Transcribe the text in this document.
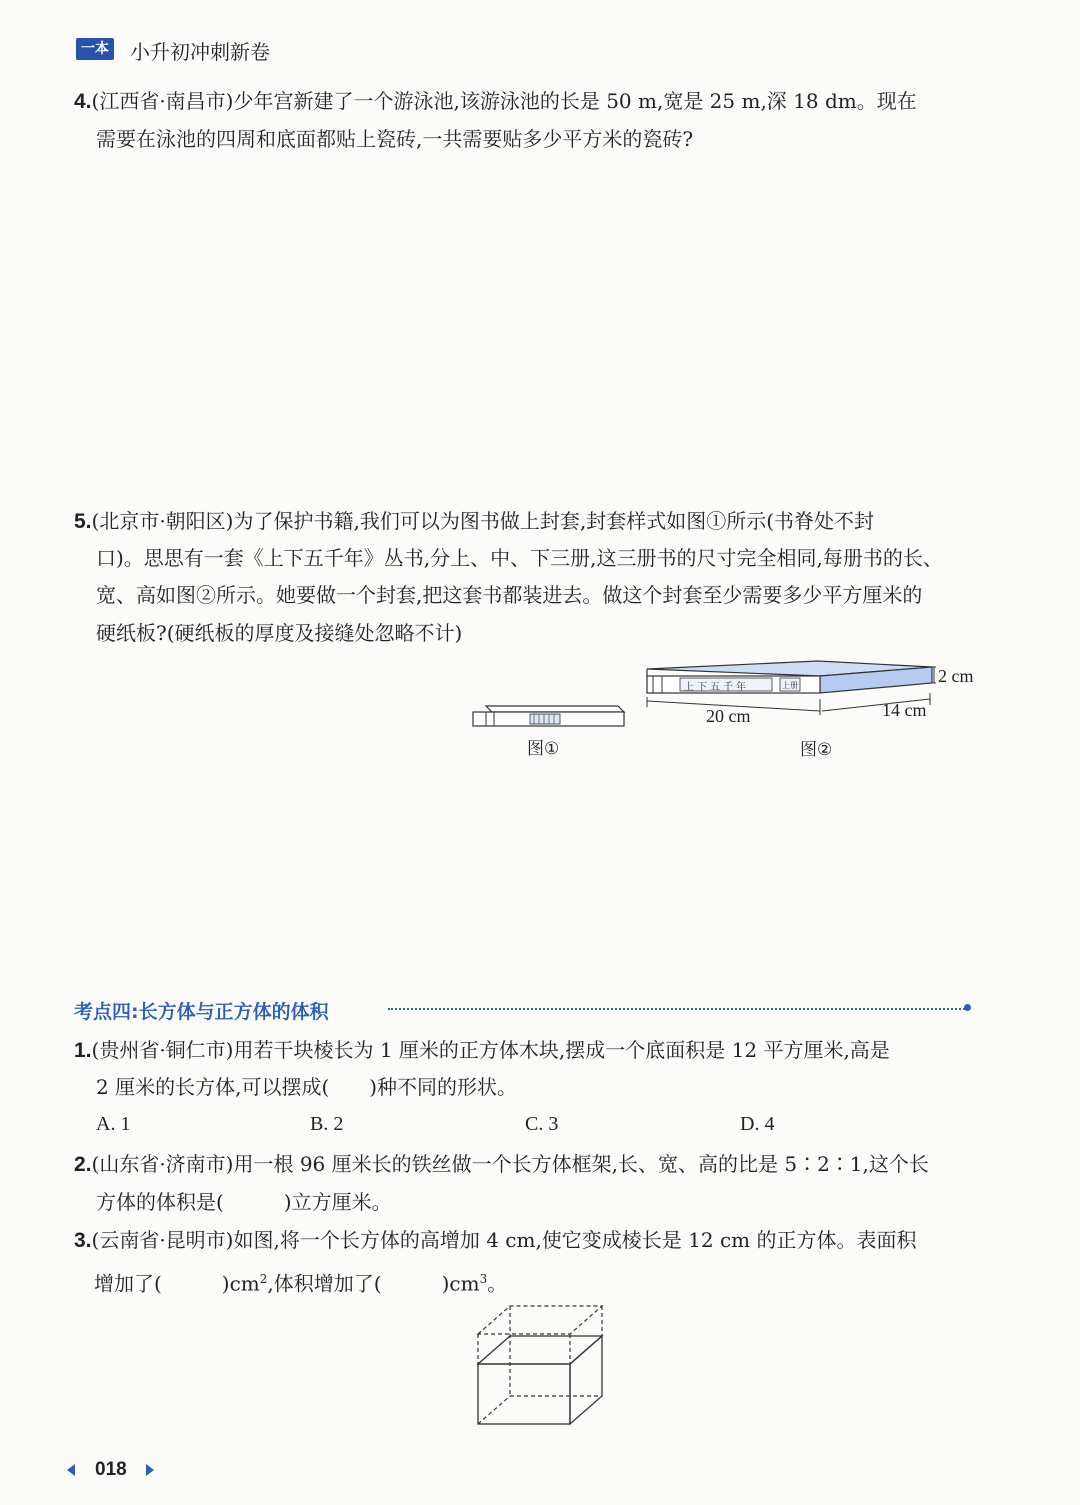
一本 小升初冲刺新卷
4.(江西省·南昌市)少年宫新建了一个游泳池,该游泳池的长是 50 m,宽是 25 m,深 18 dm。现在
需要在泳池的四周和底面都贴上瓷砖,一共需要贴多少平方米的瓷砖?
5.(北京市·朝阳区)为了保护书籍,我们可以为图书做上封套,封套样式如图①所示(书脊处不封
口)。思思有一套《上下五千年》丛书,分上、中、下三册,这三册书的尺寸完全相同,每册书的长、
宽、高如图②所示。她要做一个封套,把这套书都装进去。做这个封套至少需要多少平方厘米的
硬纸板?(硬纸板的厚度及接缝处忽略不计)
图①
上下五千年	上册	2 cm
20 cm	14 cm
图②
考点四:长方体与正方体的体积
1.(贵州省·铜仁市)用若干块棱长为 1 厘米的正方体木块,摆成一个底面积是 12 平方厘米,高是
2 厘米的长方体,可以摆成(　　)种不同的形状。
A. 1	B. 2	C. 3	D. 4
2.(山东省·济南市)用一根 96 厘米长的铁丝做一个长方体框架,长、宽、高的比是 5∶2∶1,这个长
方体的体积是(　　　)立方厘米。
3.(云南省·昆明市)如图,将一个长方体的高增加 4 cm,使它变成棱长是 12 cm 的正方体。表面积
增加了(　　　)$cm^2$,体积增加了(　　　)$cm^3$。
018
